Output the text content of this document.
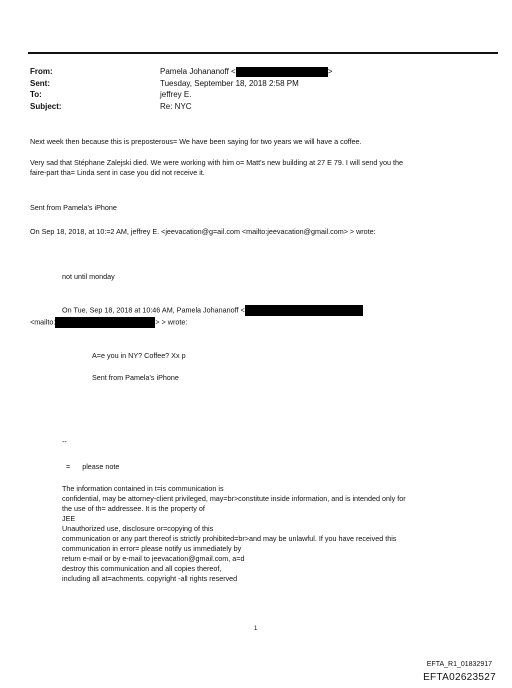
From:	Pamela Johananoff <	>
Sent:	Tuesday, September 18, 2018 2:58 PM
To:	jeffrey E.
Subject:	Re: NYC
Next week then because this is preposterous= We have been saying for two years we will have a coffee.
Very sad that Stéphane Zalejski died. We were working with him o= Matt's new building at 27 E 79. I will send you the
faire-part tha= Linda sent in case you did not receive it.
Sent from Pamela's iPhone
On Sep 18, 2018, at 10:=2 AM, jeffrey E. <jeevacation@g=ail.com <mailto:jeevacation@gmail.com> > wrote:
not until monday
On Tue, Sep 18, 2018 at 10:46 AM, Pamela Johananoff <
<mailto:	> > wrote:
A=e you in NY? Coffee? Xx p
Sent from Pamela's iPhone
--
= please note
The information contained in t=is communication is
confidential, may be attorney-client privileged, may=br>constitute inside information, and is intended only for
the use of th= addressee. It is the property of
JEE
Unauthorized use, disclosure or=copying of this
communication or any part thereof is strictly prohibited=br>and may be unlawful. If you have received this
communication in error= please notify us immediately by
return e-mail or by e-mail to jeevacation@gmail.com, a=d
destroy this communication and all copies thereof,
including all at=achments. copyright -all rights reserved
1
EFTA_R1_01832917
EFTA02623527
